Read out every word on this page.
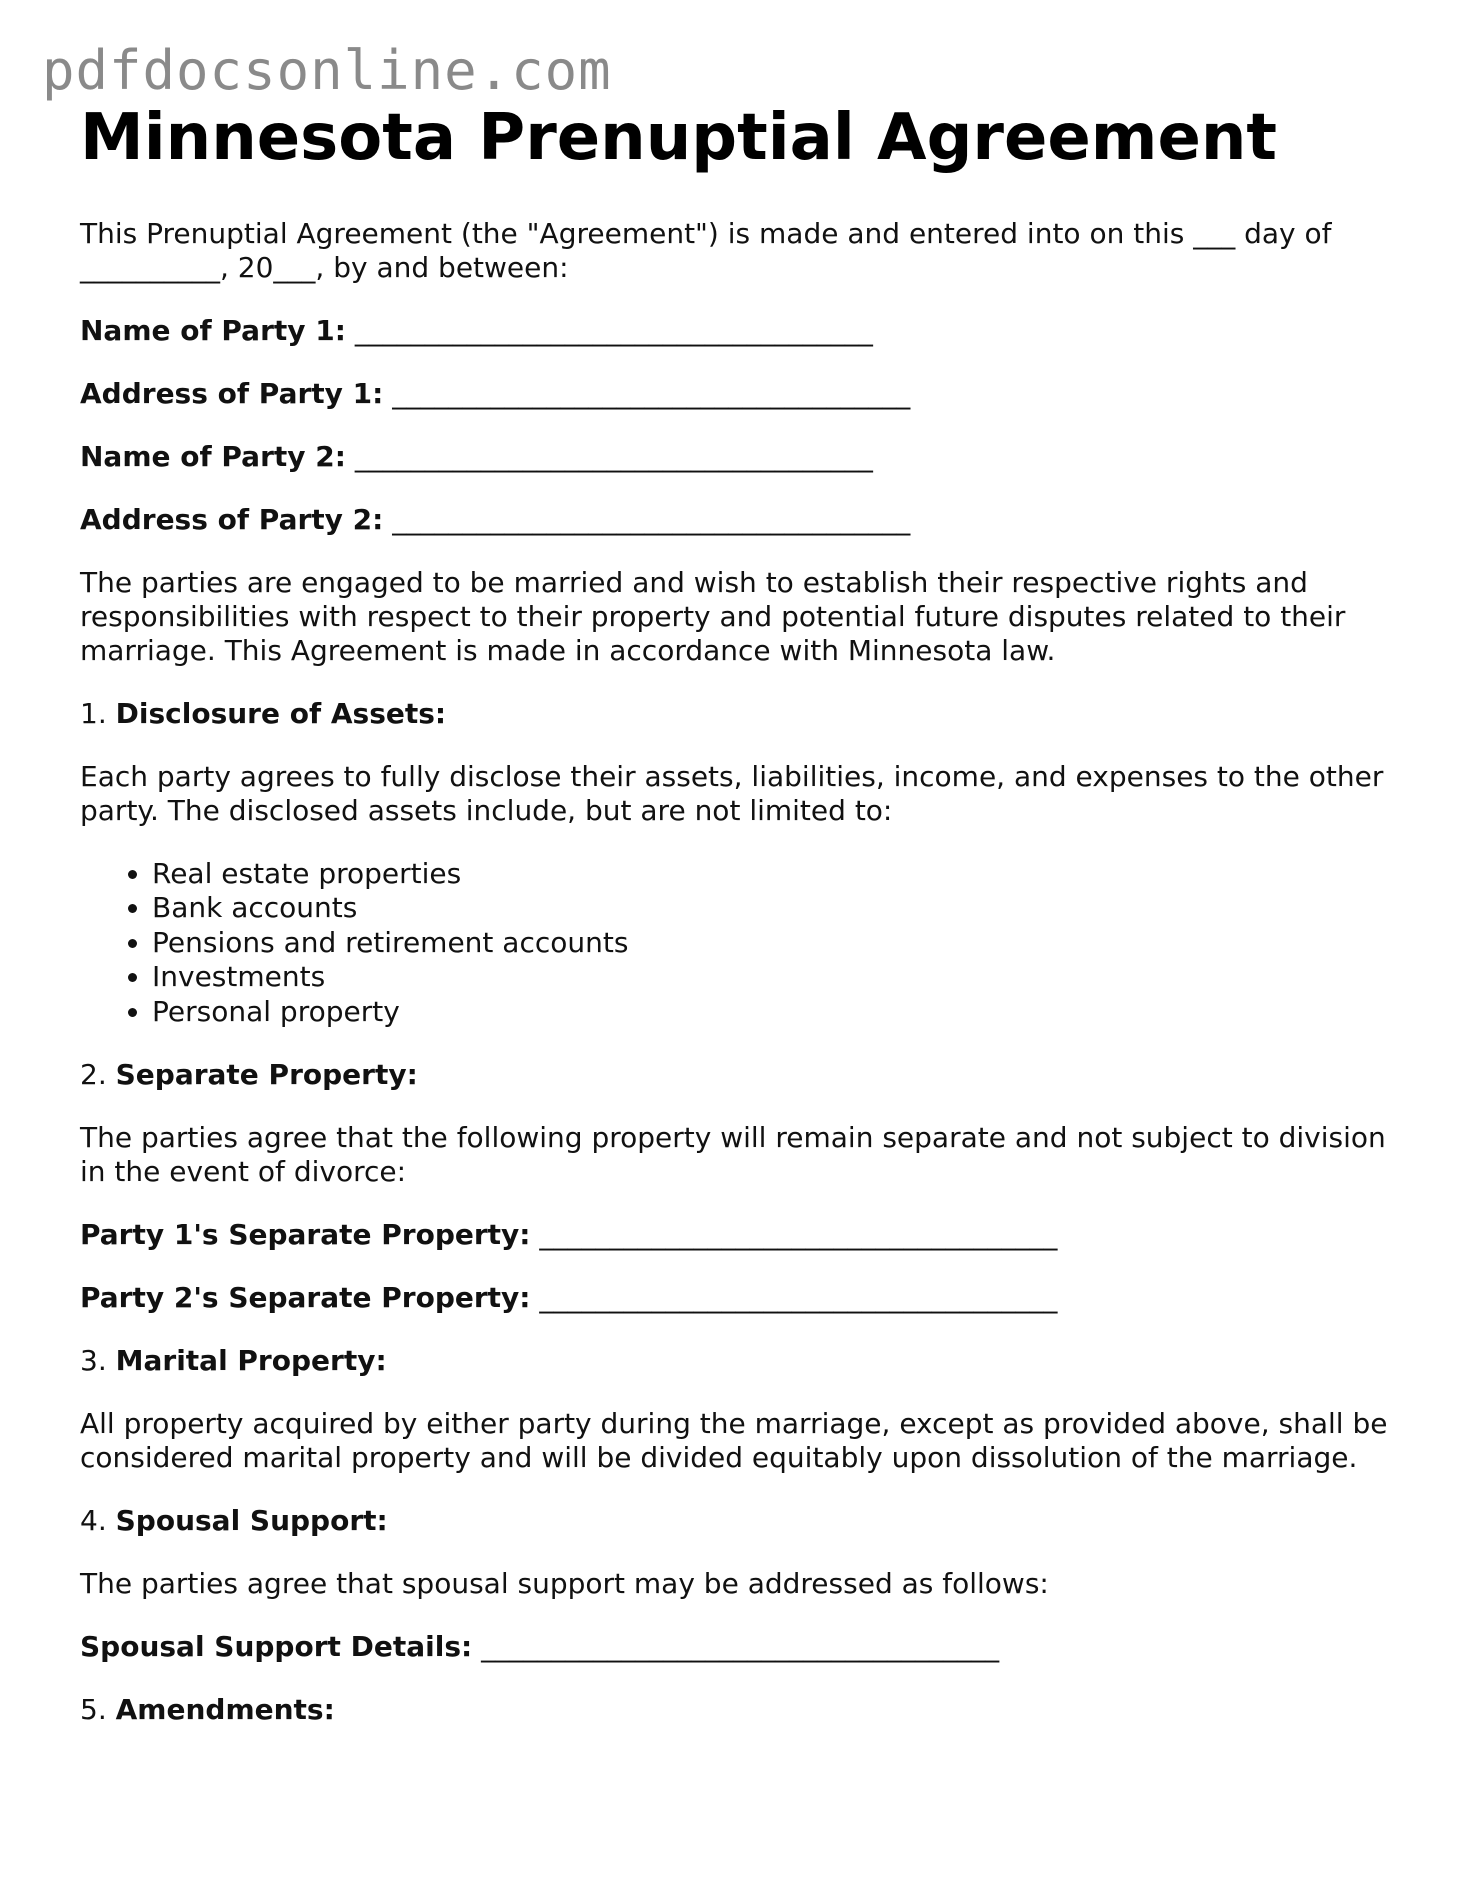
pdfdocsonline.com
Minnesota Prenuptial Agreement

This Prenuptial Agreement (the "Agreement") is made and entered into on this ___ day of __________, 20___, by and between:

Name of Party 1: _____________________________________

Address of Party 1: _____________________________________

Name of Party 2: _____________________________________

Address of Party 2: _____________________________________

The parties are engaged to be married and wish to establish their respective rights and responsibilities with respect to their property and potential future disputes related to their marriage. This Agreement is made in accordance with Minnesota law.

1. Disclosure of Assets:

Each party agrees to fully disclose their assets, liabilities, income, and expenses to the other party. The disclosed assets include, but are not limited to:

• Real estate properties
• Bank accounts
• Pensions and retirement accounts
• Investments
• Personal property

2. Separate Property:

The parties agree that the following property will remain separate and not subject to division in the event of divorce:

Party 1's Separate Property: _____________________________________

Party 2's Separate Property: _____________________________________

3. Marital Property:

All property acquired by either party during the marriage, except as provided above, shall be considered marital property and will be divided equitably upon dissolution of the marriage.

4. Spousal Support:

The parties agree that spousal support may be addressed as follows:

Spousal Support Details: _____________________________________

5. Amendments:
